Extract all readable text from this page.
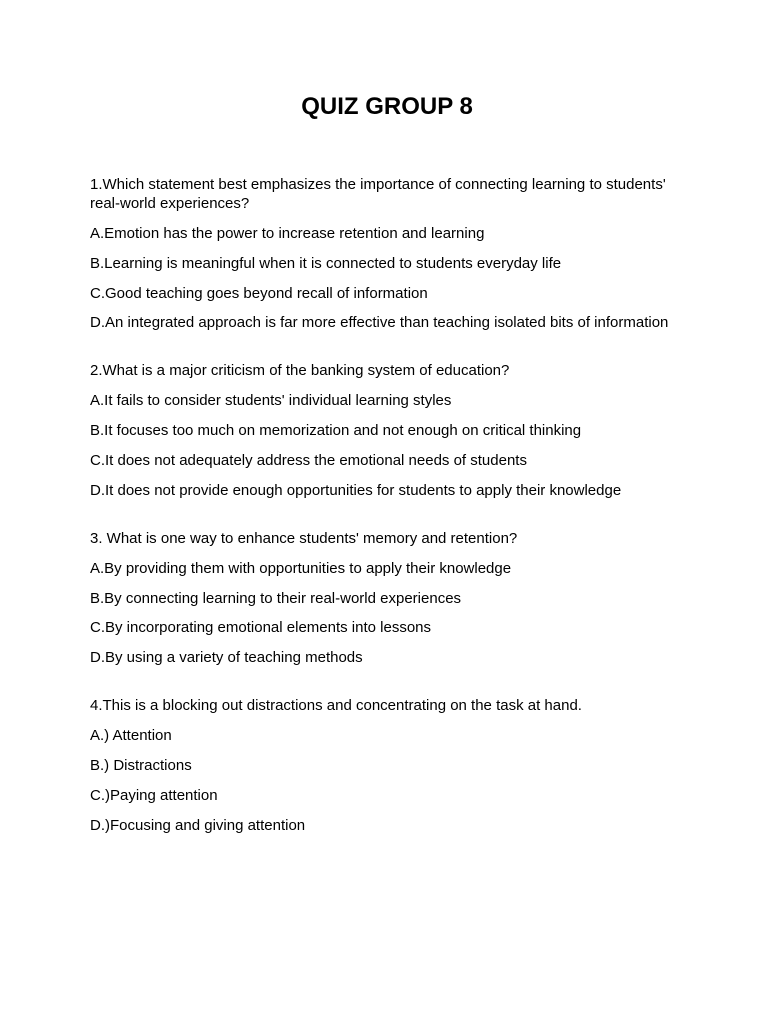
QUIZ GROUP 8
1.Which statement best emphasizes the importance of connecting learning to students' real-world experiences?
A.Emotion has the power to increase retention and learning
B.Learning is meaningful when it is connected to students everyday life
C.Good teaching goes beyond recall of information
D.An integrated approach is far more effective than teaching isolated bits of information
2.What is a major criticism of the banking system of education?
A.It fails to consider students' individual learning styles
B.It focuses too much on memorization and not enough on critical thinking
C.It does not adequately address the emotional needs of students
D.It does not provide enough opportunities for students to apply their knowledge
3. What is one way to enhance students' memory and retention?
A.By providing them with opportunities to apply their knowledge
B.By connecting learning to their real-world experiences
C.By incorporating emotional elements into lessons
D.By using a variety of teaching methods
4.This is a blocking out distractions and concentrating on the task at hand.
A.) Attention
B.) Distractions
C.)Paying attention
D.)Focusing and giving attention
